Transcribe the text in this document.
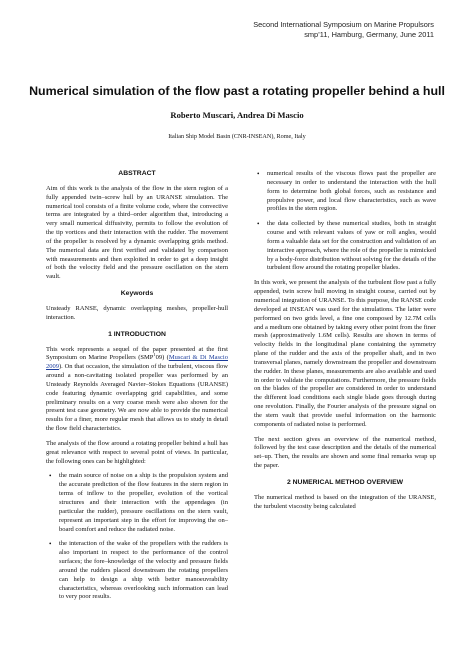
Second International Symposium on Marine Propulsors
smp’11, Hamburg, Germany, June 2011
Numerical simulation of the flow past a rotating propeller behind a hull
Roberto Muscari, Andrea Di Mascio
Italian Ship Model Basin (CNR-INSEAN), Rome, Italy
ABSTRACT

Aim of this work is the analysis of the flow in the stern region of a fully appended twin–screw hull by an URANSE simulation. The numerical tool consists of a finite volume code, where the convective terms are integrated by a third–order algorithm that, introducing a very small numerical diffusivity, permits to follow the evolution of the tip vortices and their interaction with the rudder. The movement of the propeller is resolved by a dynamic overlapping grids method. The numerical data are first verified and validated by comparison with measurements and then exploited in order to get a deep insight of both the velocity field and the pressure oscillation on the stern vault.

Keywords

Unsteady RANSE, dynamic overlapping meshes, propeller-hull interaction.

1 INTRODUCTION

This work represents a sequel of the paper presented at the first Symposium on Marine Propellers (SMP$^1$09) (Muscari & Di Mascio 2009). On that occasion, the simulation of the turbulent, viscous flow around a non-cavitating isolated propeller was performed by an Unsteady Reynolds Averaged Navier–Stokes Equations (URANSE) code featuring dynamic overlapping grid capabilities, and some preliminary results on a very coarse mesh were also shown for the present test case geometry. We are now able to provide the numerical results for a finer, more regular mesh that allows us to study in detail the flow field characteristics.

The analysis of the flow around a rotating propeller behind a hull has great relevance with respect to several point of views. In particular, the following ones can be highlighted:

• the main source of noise on a ship is the propulsion system and the accurate prediction of the flow features in the stern region in terms of inflow to the propeller, evolution of the vortical structures and their interaction with the appendages (in particular the rudder), pressure oscillations on the stern vault, represent an important step in the effort for improving the on–board comfort and reduce the radiated noise.
• the interaction of the wake of the propellers with the rudders is also important in respect to the performance of the control surfaces; the fore–knowledge of the velocity and pressure fields around the rudders placed downstream the rotating propellers can help to design a ship with better manoeuvrability characteristics, whereas overlooking such information can lead to very poor results.
• numerical results of the viscous flows past the propeller are necessary in order to understand the interaction with the hull form to determine both global forces, such as resistance and propulsive power, and local flow characteristics, such as wave profiles in the stern region.
• the data collected by these numerical studies, both in straight course and with relevant values of yaw or roll angles, would form a valuable data set for the construction and validation of an interactive approach, where the role of the propeller is mimicked by a body-force distribution without solving for the details of the turbulent flow around the rotating propeller blades.

In this work, we present the analysis of the turbulent flow past a fully appended, twin screw hull moving in straight course, carried out by numerical integration of URANSE. To this purpose, the RANSE code developed at INSEAN was used for the simulations. The latter were performed on two grids level, a fine one composed by 12.7M cells and a medium one obtained by taking every other point from the finer mesh (approximatively 1.6M cells). Results are shown in terms of velocity fields in the longitudinal plane containing the symmetry plane of the rudder and the axis of the propeller shaft, and in two transversal planes, namely downstream the propeller and downstream the rudder. In these planes, measurements are also available and used in order to validate the computations. Furthermore, the pressure fields on the blades of the propeller are considered in order to understand the different load conditions each single blade goes through during one revolution. Finally, the Fourier analysis of the pressure signal on the stern vault that provide useful information on the harmonic components of radiated noise is performed.

The next section gives an overview of the numerical method, followed by the test case description and the details of the numerical set–up. Then, the results are shown and some final remarks wrap up the paper.

2 NUMERICAL METHOD OVERVIEW

The numerical method is based on the integration of the URANSE, the turbulent viscosity being calculated
